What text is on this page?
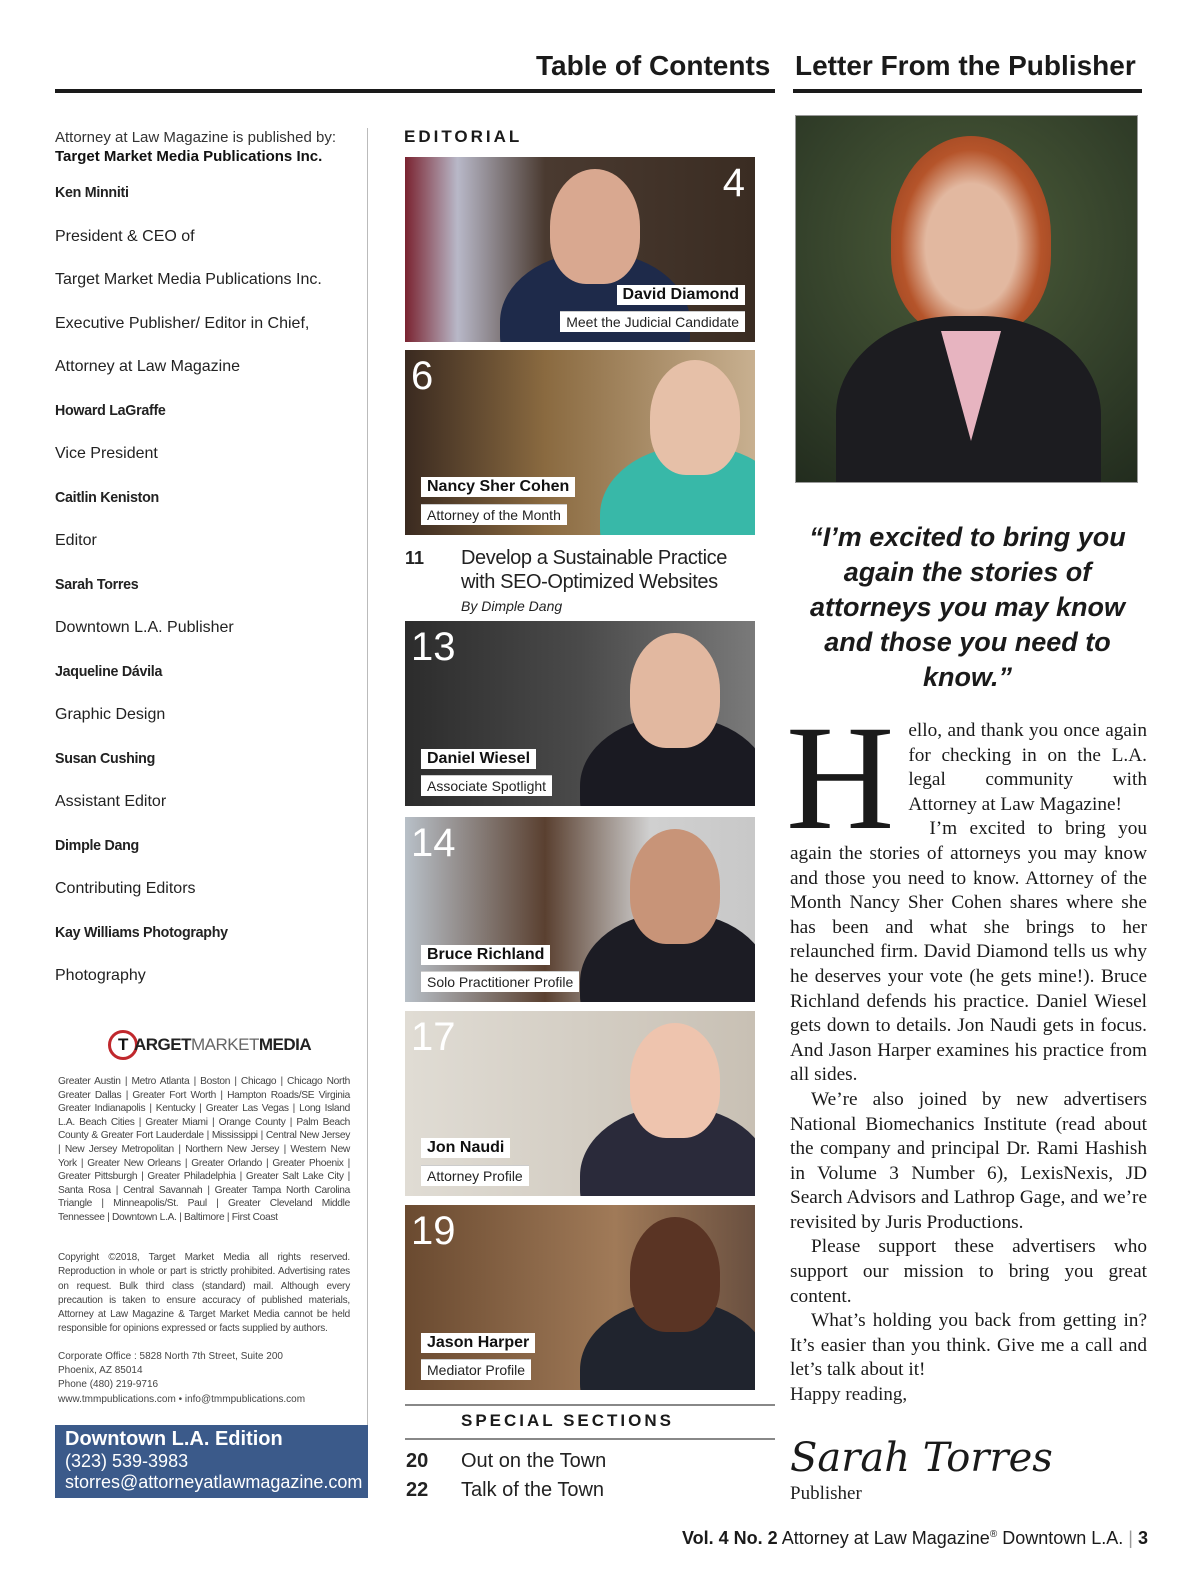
Table of Contents Letter From the Publisher
Attorney at Law Magazine is published by:
Target Market Media Publications Inc.
Ken Minniti
President & CEO of
Target Market Media Publications Inc.
Executive Publisher/ Editor in Chief,
Attorney at Law Magazine
Howard LaGraffe
Vice President
Caitlin Keniston
Editor
Sarah Torres
Downtown L.A. Publisher
Jaqueline Dávila
Graphic Design
Susan Cushing
Assistant Editor
Dimple Dang
Contributing Editors
Kay Williams Photography
Photography
T ARGET MARKET MEDIA
Greater Austin | Metro Atlanta | Boston | Chicago | Chicago North Greater Dallas | Greater Fort Worth | Hampton Roads/SE Virginia Greater Indianapolis | Kentucky | Greater Las Vegas | Long Island L.A. Beach Cities | Greater Miami | Orange County | Palm Beach County & Greater Fort Lauderdale | Mississippi | Central New Jersey | New Jersey Metropolitan | Northern New Jersey | Western New York | Greater New Orleans | Greater Orlando | Greater Phoenix | Greater Pittsburgh | Greater Philadelphia | Greater Salt Lake City | Santa Rosa | Central Savannah | Greater Tampa North Carolina Triangle | Minneapolis/St. Paul | Greater Cleveland Middle Tennessee | Downtown L.A. | Baltimore | First Coast
Copyright ©2018, Target Market Media all rights reserved. Reproduction in whole or part is strictly prohibited. Advertising rates on request. Bulk third class (standard) mail. Although every precaution is taken to ensure accuracy of published materials, Attorney at Law Magazine & Target Market Media cannot be held responsible for opinions expressed or facts supplied by authors.
Corporate Office : 5828 North 7th Street, Suite 200
Phoenix, AZ 85014
Phone (480) 219-9716
www.tmmpublications.com • info@tmmpublications.com
Downtown L.A. Edition
(323) 539-3983
storres@attorneyatlawmagazine.com
EDITORIAL
4
David Diamond
Meet the Judicial Candidate
6
Nancy Sher Cohen
Attorney of the Month
13
Daniel Wiesel
Associate Spotlight
14
Bruce Richland
Solo Practitioner Profile
17
Jon Naudi
Attorney Profile
19
Jason Harper
Mediator Profile
11 Develop a Sustainable Practice with SEO-Optimized Websites
By Dimple Dang
SPECIAL SECTIONS
20 Out on the Town
22 Talk of the Town
“I’m excited to bring you again the stories of attorneys you may know and those you need to know.”
H ello, and thank you once again for checking in on the L.A. legal community with Attorney at Law Magazine!

I’m excited to bring you again the stories of attorneys you may know and those you need to know. Attorney of the Month Nancy Sher Cohen shares where she has been and what she brings to her relaunched firm. David Diamond tells us why he deserves your vote (he gets mine!). Bruce Richland defends his practice. Daniel Wiesel gets down to details. Jon Naudi gets in focus. And Jason Harper examines his practice from all sides.

We’re also joined by new advertisers National Biomechanics Institute (read about the company and principal Dr. Rami Hashish in Volume 3 Number 6), LexisNexis, JD Search Advisors and Lathrop Gage, and we’re revisited by Juris Productions.

Please support these advertisers who support our mission to bring you great content.

What’s holding you back from getting in? It’s easier than you think. Give me a call and let’s talk about it!

Happy reading,
Sarah Torres
Publisher
Vol. 4 No. 2 Attorney at Law Magazine® Downtown L.A. | 3
